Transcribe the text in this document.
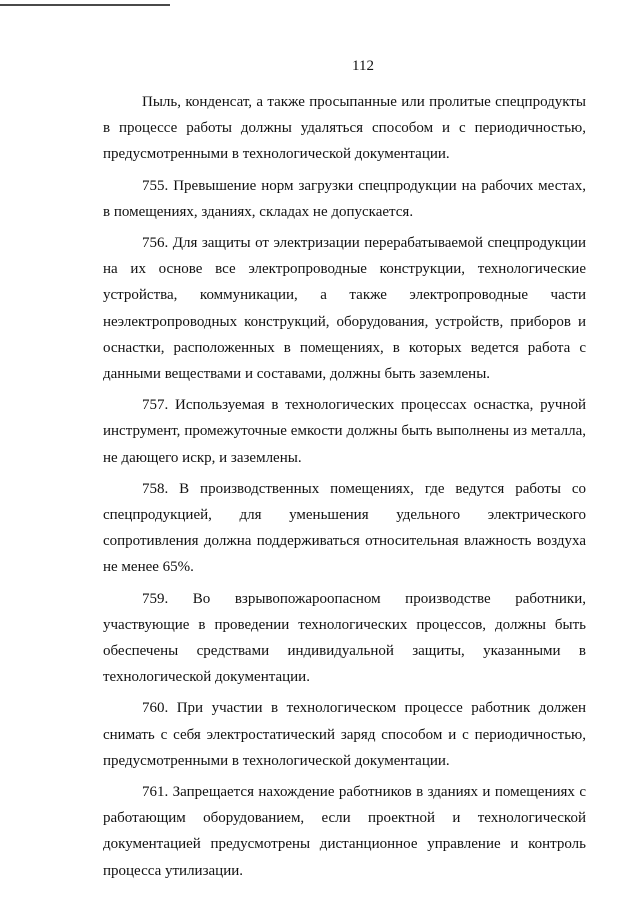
112

Пыль, конденсат, а также просыпанные или пролитые спецпродукты в процессе работы должны удаляться способом и с периодичностью, предусмотренными в технологической документации.

755. Превышение норм загрузки спецпродукции на рабочих местах, в помещениях, зданиях, складах не допускается.

756. Для защиты от электризации перерабатываемой спецпродукции на их основе все электропроводные конструкции, технологические устройства, коммуникации, а также электропроводные части неэлектропроводных конструкций, оборудования, устройств, приборов и оснастки, расположенных в помещениях, в которых ведется работа с данными веществами и составами, должны быть заземлены.

757. Используемая в технологических процессах оснастка, ручной инструмент, промежуточные емкости должны быть выполнены из металла, не дающего искр, и заземлены.

758. В производственных помещениях, где ведутся работы со спецпродукцией, для уменьшения удельного электрического сопротивления должна поддерживаться относительная влажность воздуха не менее 65%.

759. Во взрывопожароопасном производстве работники, участвующие в проведении технологических процессов, должны быть обеспечены средствами индивидуальной защиты, указанными в технологической документации.

760. При участии в технологическом процессе работник должен снимать с себя электростатический заряд способом и с периодичностью, предусмотренными в технологической документации.

761. Запрещается нахождение работников в зданиях и помещениях с работающим оборудованием, если проектной и технологической документацией предусмотрены дистанционное управление и контроль процесса утилизации.
